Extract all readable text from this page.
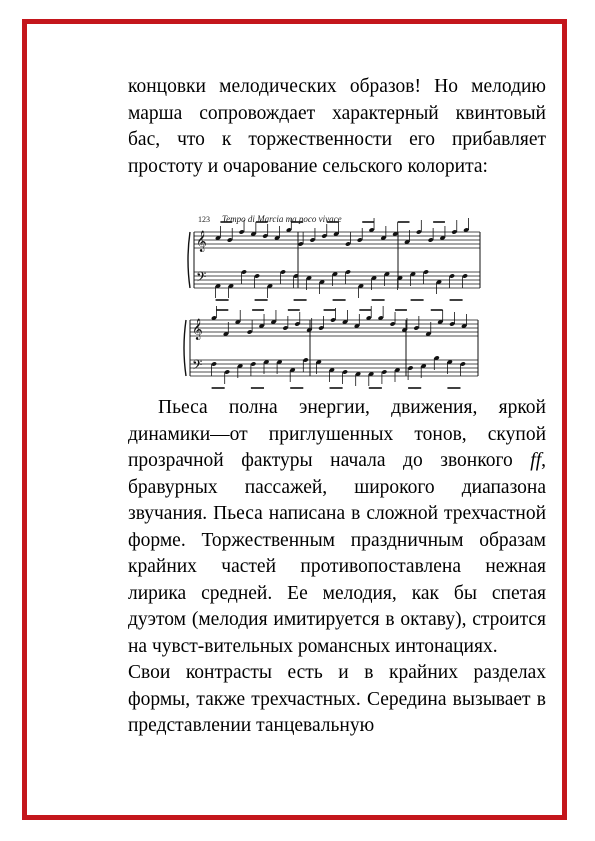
концовки мелодических образов! Но мелодию марша сопровождает характерный квинтовый бас, что к торжественности его прибавляет простоту и очарование сельского колорита:

123 Tempo di Marcia ma poco vivace
𝄞
𝄢
𝄞
𝄢

Пьеса полна энергии, движения, яркой динамики—от приглушенных тонов, скупой прозрачной фактуры начала до звонкого ff, бравурных пассажей, широкого диапазона звучания. Пьеса написана в сложной трехчастной форме. Торжественным праздничным образам крайних частей противопоставлена нежная лирика средней. Ее мелодия, как бы спетая дуэтом (мелодия имитируется в октаву), строится на чувст-вительных романсных интонациях.

Свои контрасты есть и в крайних разделах формы, также трехчастных. Середина вызывает в представлении танцевальную
